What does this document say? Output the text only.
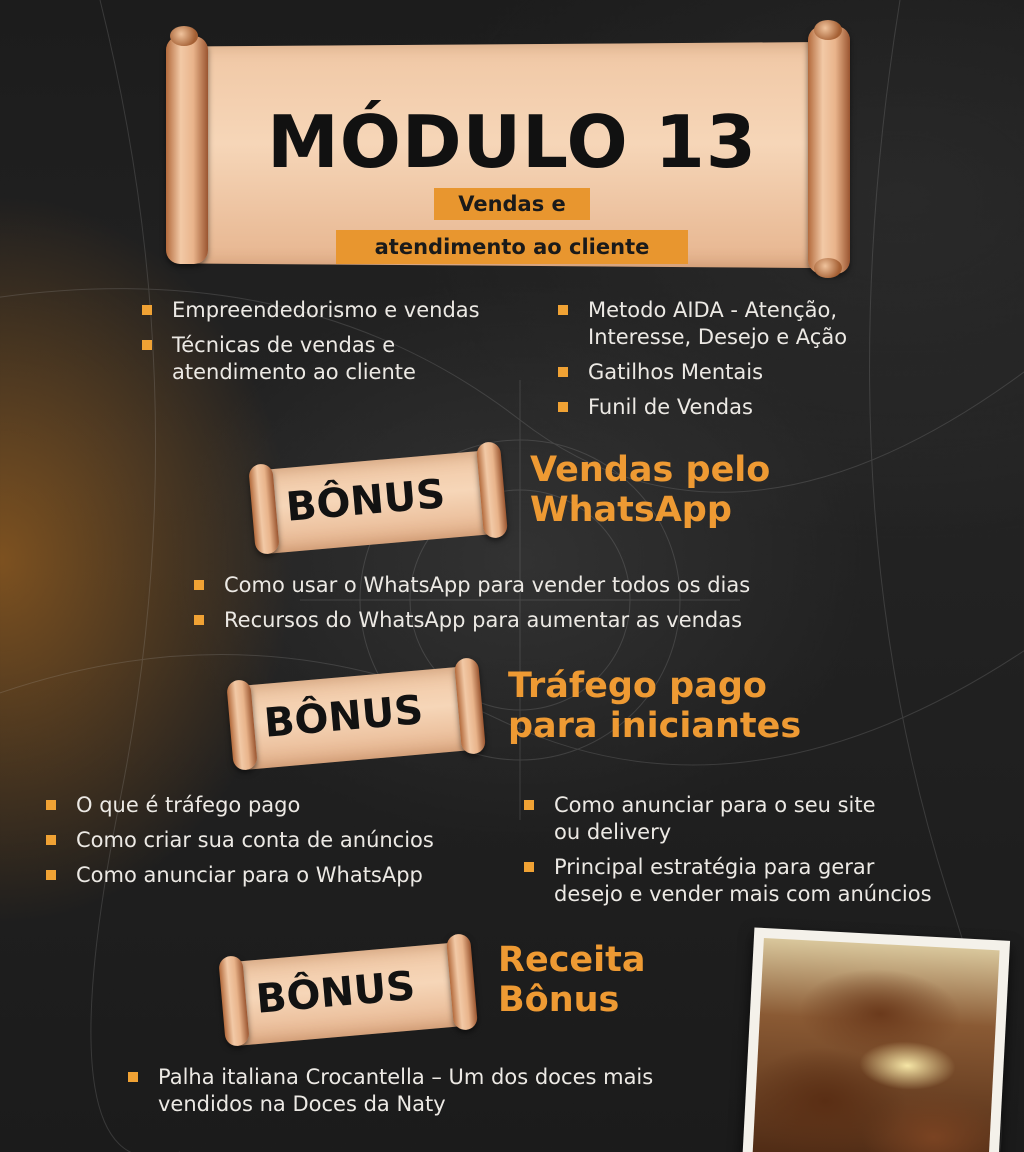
MÓDULO 13
Vendas e
atendimento ao cliente
Empreendedorismo e vendas
Técnicas de vendas e
atendimento ao cliente
Metodo AIDA - Atenção,
Interesse, Desejo e Ação
Gatilhos Mentais
Funil de Vendas
BÔNUS
Vendas pelo
WhatsApp
Como usar o WhatsApp para vender todos os dias
Recursos do WhatsApp para aumentar as vendas
BÔNUS
Tráfego pago
para iniciantes
O que é tráfego pago
Como criar sua conta de anúncios
Como anunciar para o WhatsApp
Como anunciar para o seu site
ou delivery
Principal estratégia para gerar
desejo e vender mais com anúncios
BÔNUS
Receita
Bônus
Palha italiana Crocantella – Um dos doces mais
vendidos na Doces da Naty
